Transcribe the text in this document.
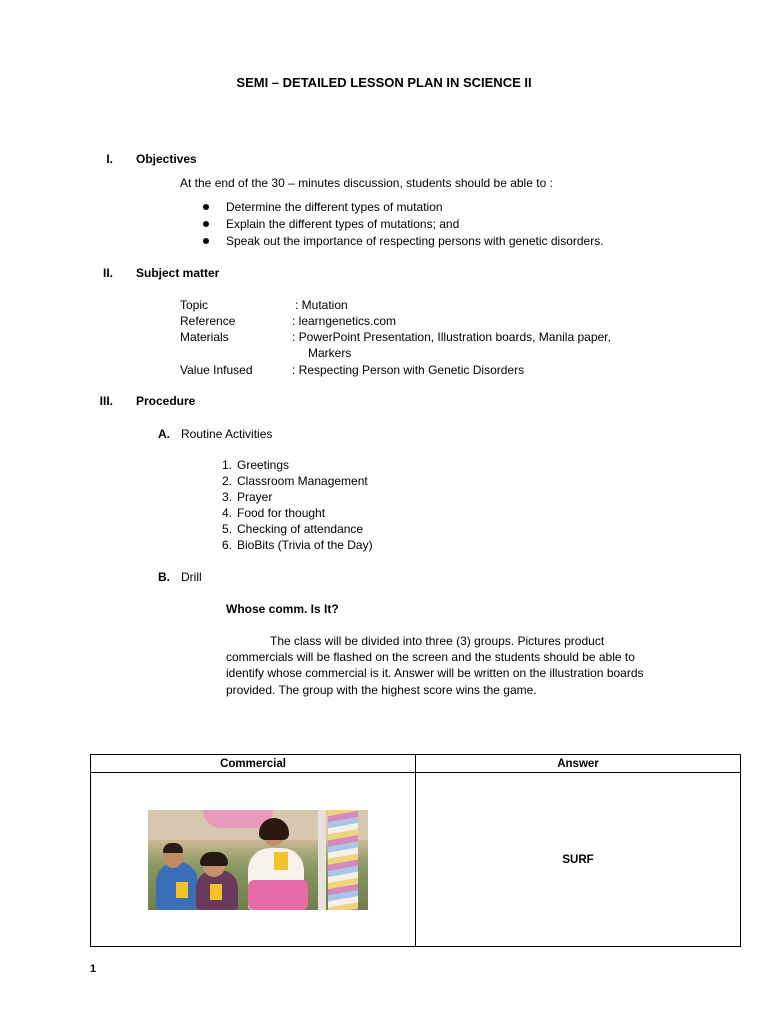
SEMI – DETAILED LESSON PLAN IN SCIENCE II
I. Objectives
At the end of the 30 – minutes discussion, students should be able to :
Determine the different types of mutation
Explain the different types of mutations; and
Speak out the importance of respecting persons with genetic disorders.
II. Subject matter
Topic	: Mutation
Reference	: learngenetics.com
Materials	: PowerPoint Presentation, Illustration boards, Manila paper,
Markers
Value Infused	: Respecting Person with Genetic Disorders
III. Procedure
A. Routine Activities
1. Greetings
2. Classroom Management
3. Prayer
4. Food for thought
5. Checking of attendance
6. BioBits (Trivia of the Day)
B. Drill
Whose comm. Is It?
The class will be divided into three (3) groups. Pictures product commercials will be flashed on the screen and the students should be able to identify whose commercial is it. Answer will be written on the illustration boards provided. The group with the highest score wins the game.
Commercial	Answer

	SURF
1
